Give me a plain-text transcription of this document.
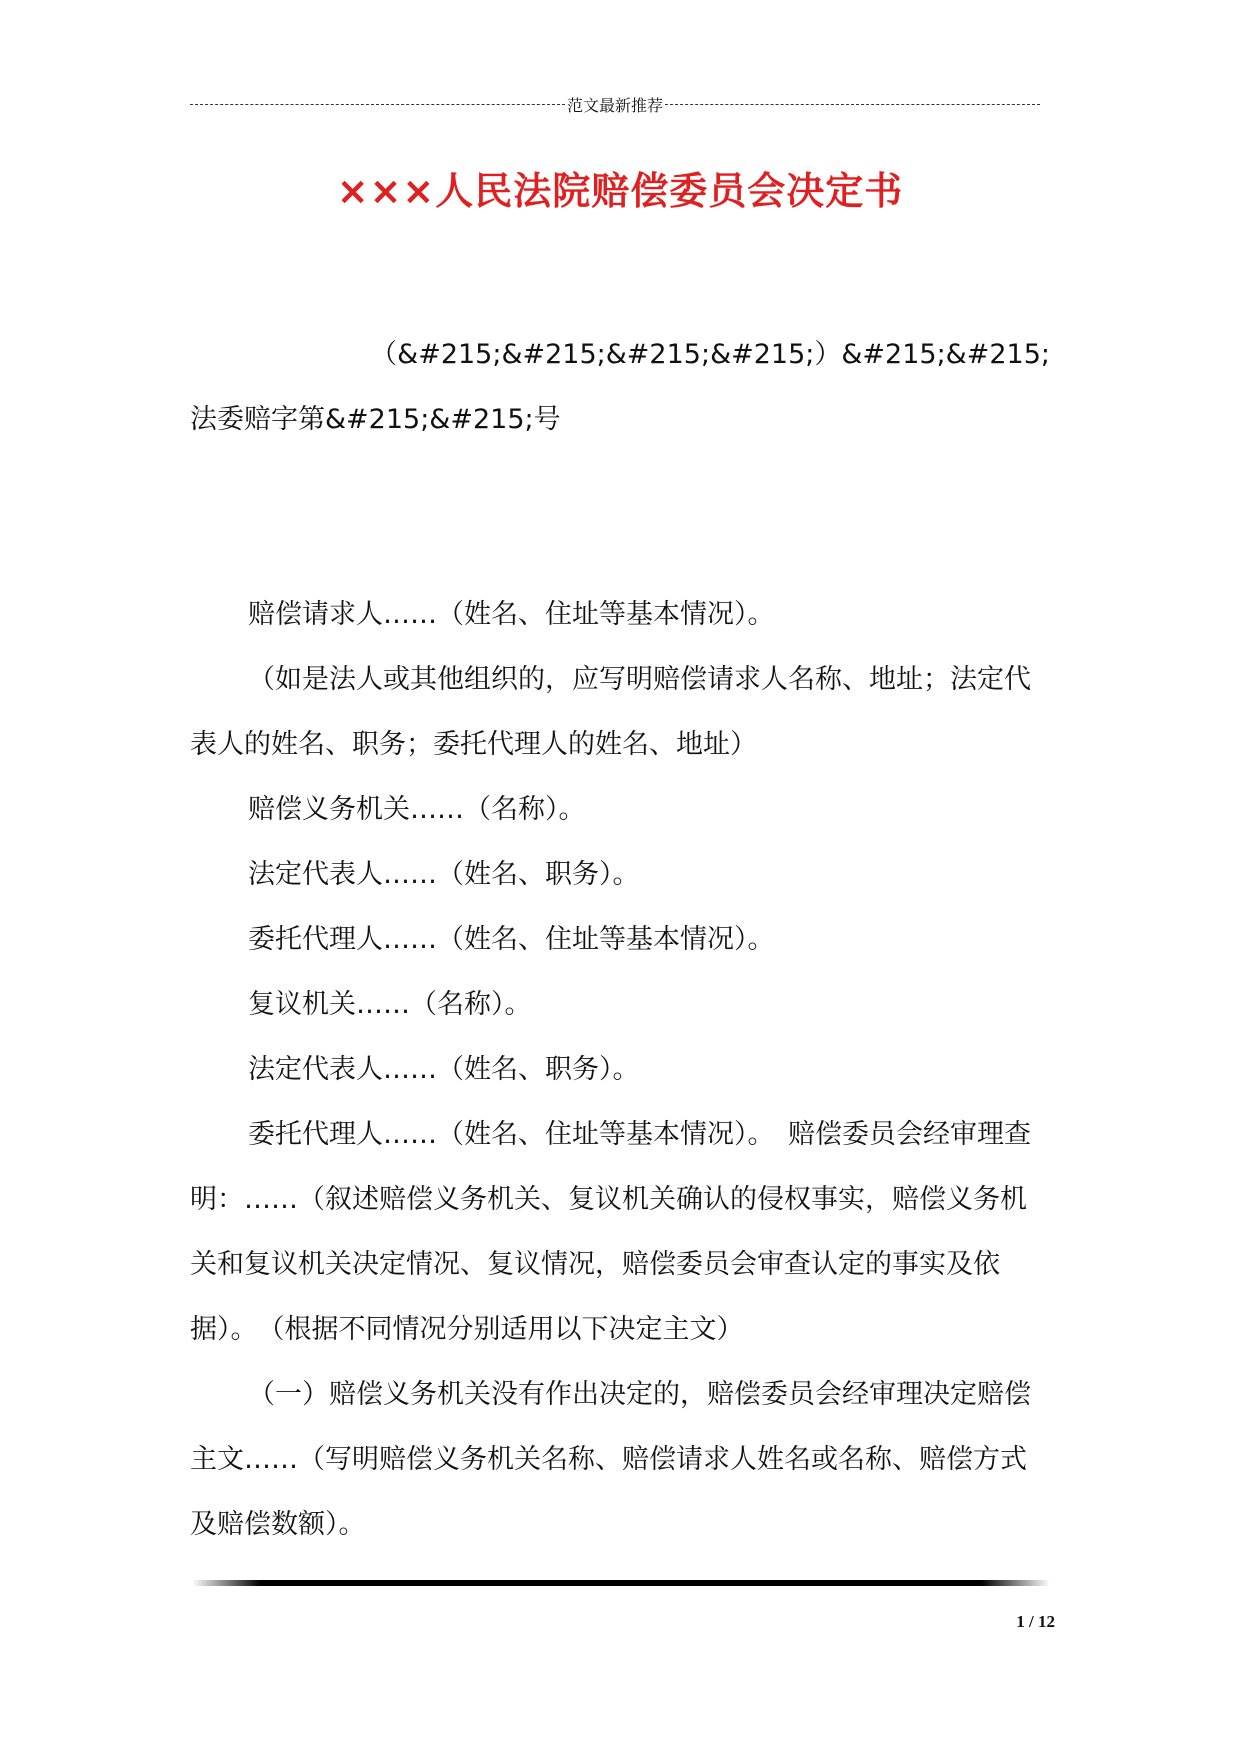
范文最新推荐
×××人民法院赔偿委员会决定书

（&#215;&#215;&#215;&#215;）&#215;&#215;

法委赔字第&#215;&#215;号

赔偿请求人……（姓名、住址等基本情况）。

（如是法人或其他组织的，应写明赔偿请求人名称、地址；法定代表人的姓名、职务；委托代理人的姓名、地址）

赔偿义务机关……（名称）。

法定代表人……（姓名、职务）。

委托代理人……（姓名、住址等基本情况）。

复议机关……（名称）。

法定代表人……（姓名、职务）。

委托代理人……（姓名、住址等基本情况）。　赔偿委员会经审理查明：……（叙述赔偿义务机关、复议机关确认的侵权事实，赔偿义务机关和复议机关决定情况、复议情况，赔偿委员会审查认定的事实及依据）。　（根据不同情况分别适用以下决定主文）

（一）赔偿义务机关没有作出决定的，赔偿委员会经审理决定赔偿主文……（写明赔偿义务机关名称、赔偿请求人姓名或名称、赔偿方式及赔偿数额）。

1 / 12
